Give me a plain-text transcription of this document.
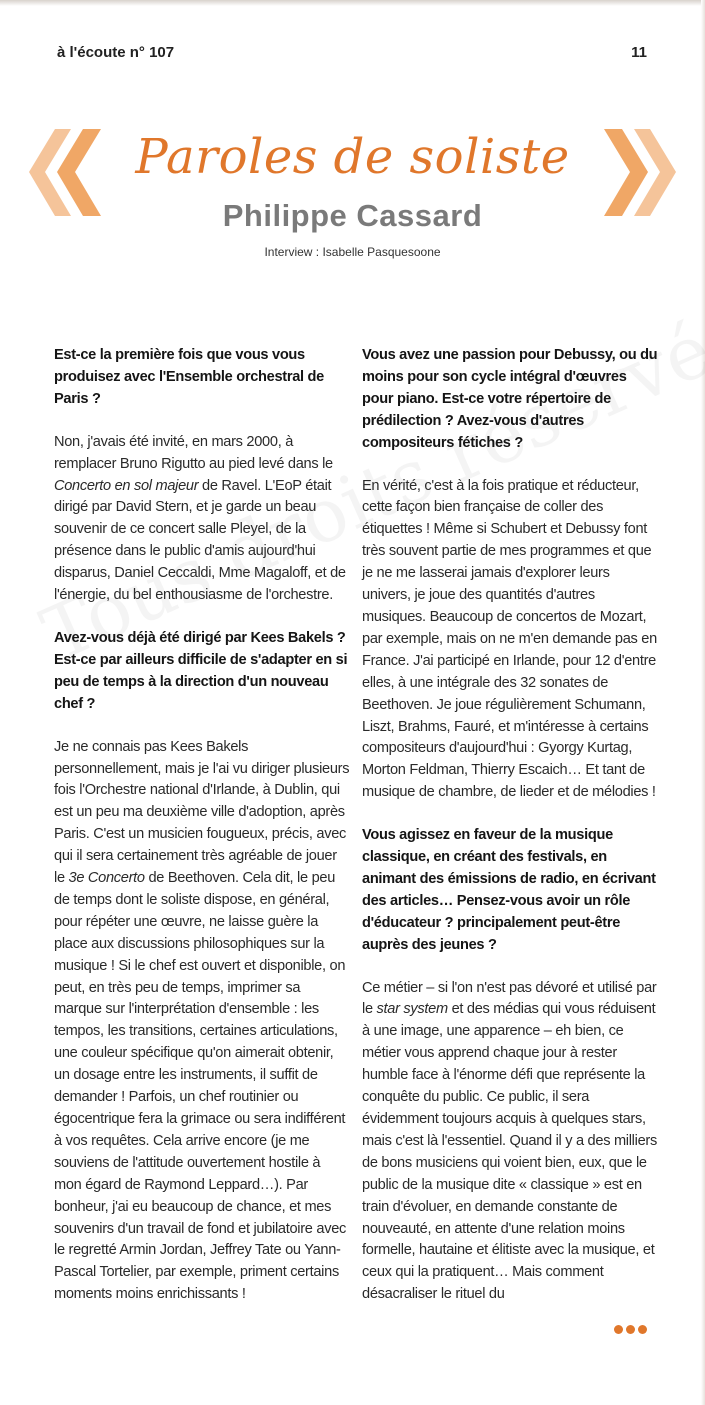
à l'écoute n° 107	11
Paroles de soliste
Philippe Cassard
Interview : Isabelle Pasquesoone

Est-ce la première fois que vous vous produisez avec l'Ensemble orchestral de Paris ?

Non, j'avais été invité, en mars 2000, à remplacer Bruno Rigutto au pied levé dans le Concerto en sol majeur de Ravel. L'EoP était dirigé par David Stern, et je garde un beau souvenir de ce concert salle Pleyel, de la présence dans le public d'amis aujourd'hui disparus, Daniel Ceccaldi, Mme Magaloff, et de l'énergie, du bel enthousiasme de l'orchestre.

Avez-vous déjà été dirigé par Kees Bakels ? Est-ce par ailleurs difficile de s'adapter en si peu de temps à la direction d'un nouveau chef ?

Je ne connais pas Kees Bakels personnellement, mais je l'ai vu diriger plusieurs fois l'Orchestre national d'Irlande, à Dublin, qui est un peu ma deuxième ville d'adoption, après Paris. C'est un musicien fougueux, précis, avec qui il sera certainement très agréable de jouer le 3e Concerto de Beethoven. Cela dit, le peu de temps dont le soliste dispose, en général, pour répéter une œuvre, ne laisse guère la place aux discussions philosophiques sur la musique ! Si le chef est ouvert et disponible, on peut, en très peu de temps, imprimer sa marque sur l'interprétation d'ensemble : les tempos, les transitions, certaines articulations, une couleur spécifique qu'on aimerait obtenir, un dosage entre les instruments, il suffit de demander ! Parfois, un chef routinier ou égocentrique fera la grimace ou sera indifférent à vos requêtes. Cela arrive encore (je me souviens de l'attitude ouvertement hostile à mon égard de Raymond Leppard…). Par bonheur, j'ai eu beaucoup de chance, et mes souvenirs d'un travail de fond et jubilatoire avec le regretté Armin Jordan, Jeffrey Tate ou Yann-Pascal Tortelier, par exemple, priment certains moments moins enrichissants !

Vous avez une passion pour Debussy, ou du moins pour son cycle intégral d'œuvres pour piano. Est-ce votre répertoire de prédilection ? Avez-vous d'autres compositeurs fétiches ?

En vérité, c'est à la fois pratique et réducteur, cette façon bien française de coller des étiquettes ! Même si Schubert et Debussy font très souvent partie de mes programmes et que je ne me lasserai jamais d'explorer leurs univers, je joue des quantités d'autres musiques. Beaucoup de concertos de Mozart, par exemple, mais on ne m'en demande pas en France. J'ai participé en Irlande, pour 12 d'entre elles, à une intégrale des 32 sonates de Beethoven. Je joue régulièrement Schumann, Liszt, Brahms, Fauré, et m'intéresse à certains compositeurs d'aujourd'hui : Gyorgy Kurtag, Morton Feldman, Thierry Escaich… Et tant de musique de chambre, de lieder et de mélodies !

Vous agissez en faveur de la musique classique, en créant des festivals, en animant des émissions de radio, en écrivant des articles… Pensez-vous avoir un rôle d'éducateur ? principalement peut-être auprès des jeunes ?

Ce métier – si l'on n'est pas dévoré et utilisé par le star system et des médias qui vous réduisent à une image, une apparence – eh bien, ce métier vous apprend chaque jour à rester humble face à l'énorme défi que représente la conquête du public. Ce public, il sera évidemment toujours acquis à quelques stars, mais c'est là l'essentiel. Quand il y a des milliers de bons musiciens qui voient bien, eux, que le public de la musique dite « classique » est en train d'évoluer, en demande constante de nouveauté, en attente d'une relation moins formelle, hautaine et élitiste avec la musique, et ceux qui la pratiquent… Mais comment désacraliser le rituel du
